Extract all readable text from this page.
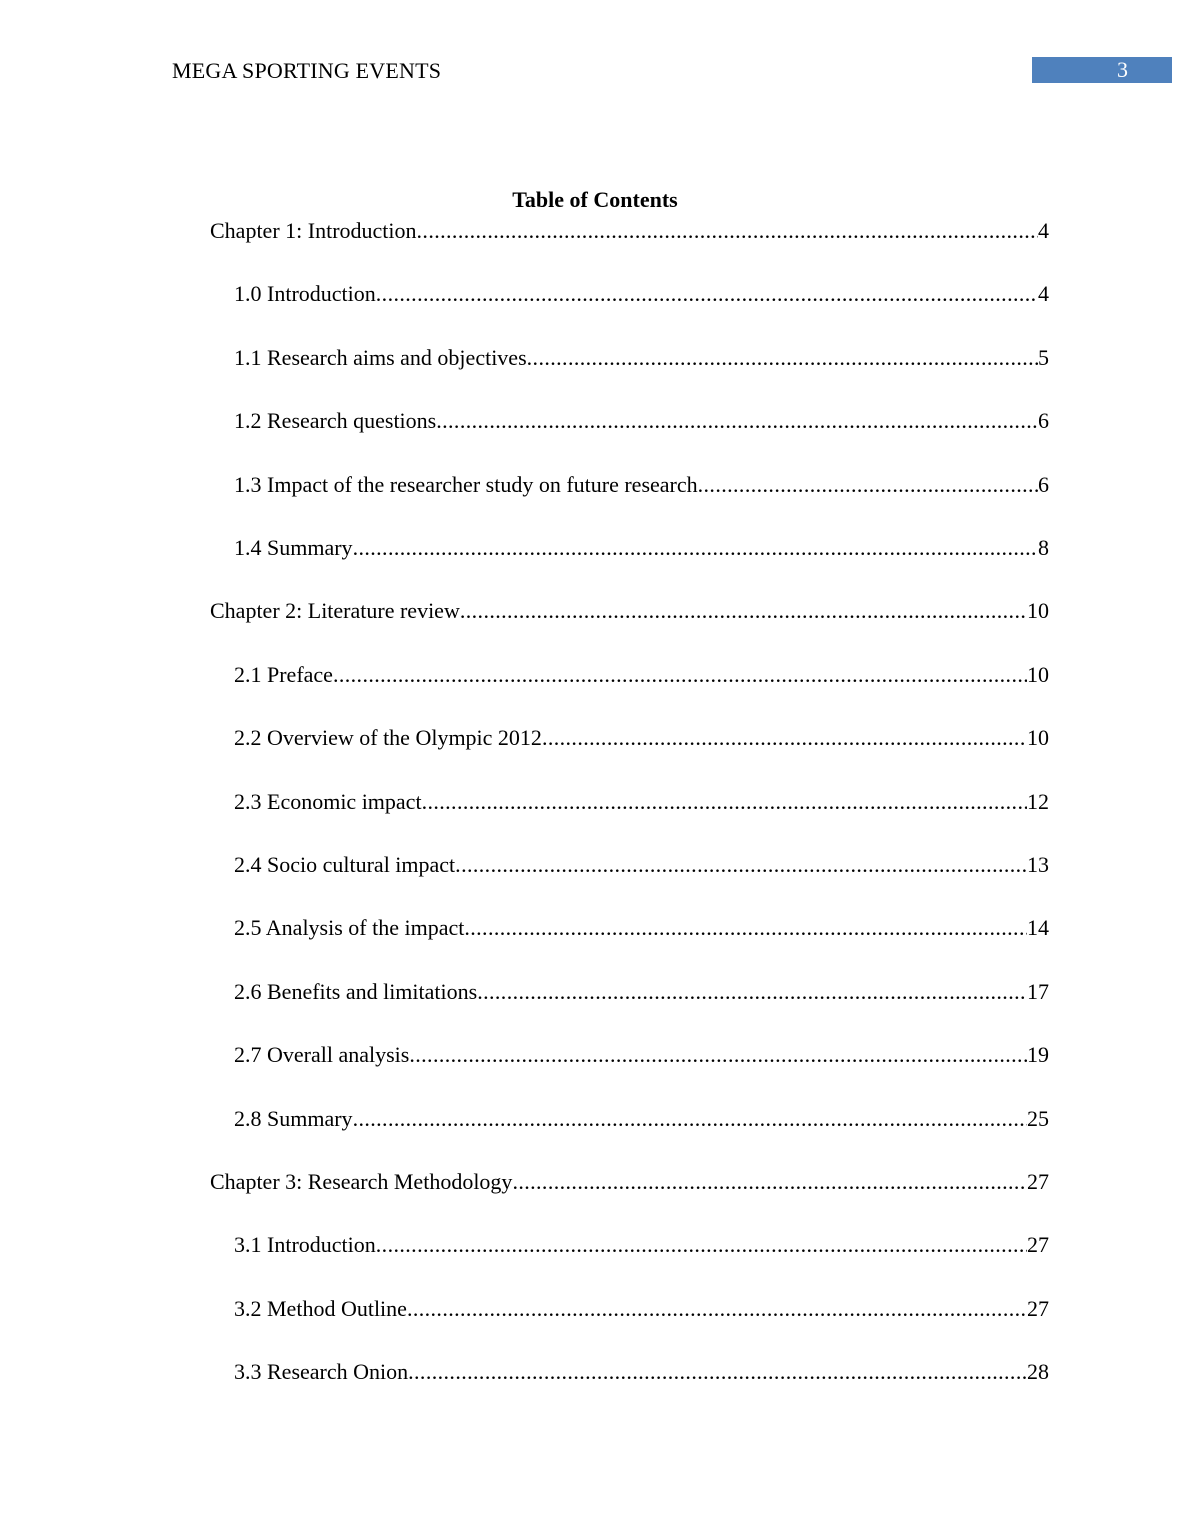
MEGA SPORTING EVENTS	3
Table of Contents
Chapter 1: Introduction .....	4
1.0 Introduction .....	4
1.1 Research aims and objectives .....	5
1.2 Research questions .....	6
1.3 Impact of the researcher study on future research .....	6
1.4 Summary .....	8
Chapter 2: Literature review .....	10
2.1 Preface .....	10
2.2 Overview of the Olympic 2012 .....	10
2.3 Economic impact .....	12
2.4 Socio cultural impact .....	13
2.5 Analysis of the impact .....	14
2.6 Benefits and limitations .....	17
2.7 Overall analysis .....	19
2.8 Summary .....	25
Chapter 3: Research Methodology .....	27
3.1 Introduction .....	27
3.2 Method Outline .....	27
3.3 Research Onion .....	28
